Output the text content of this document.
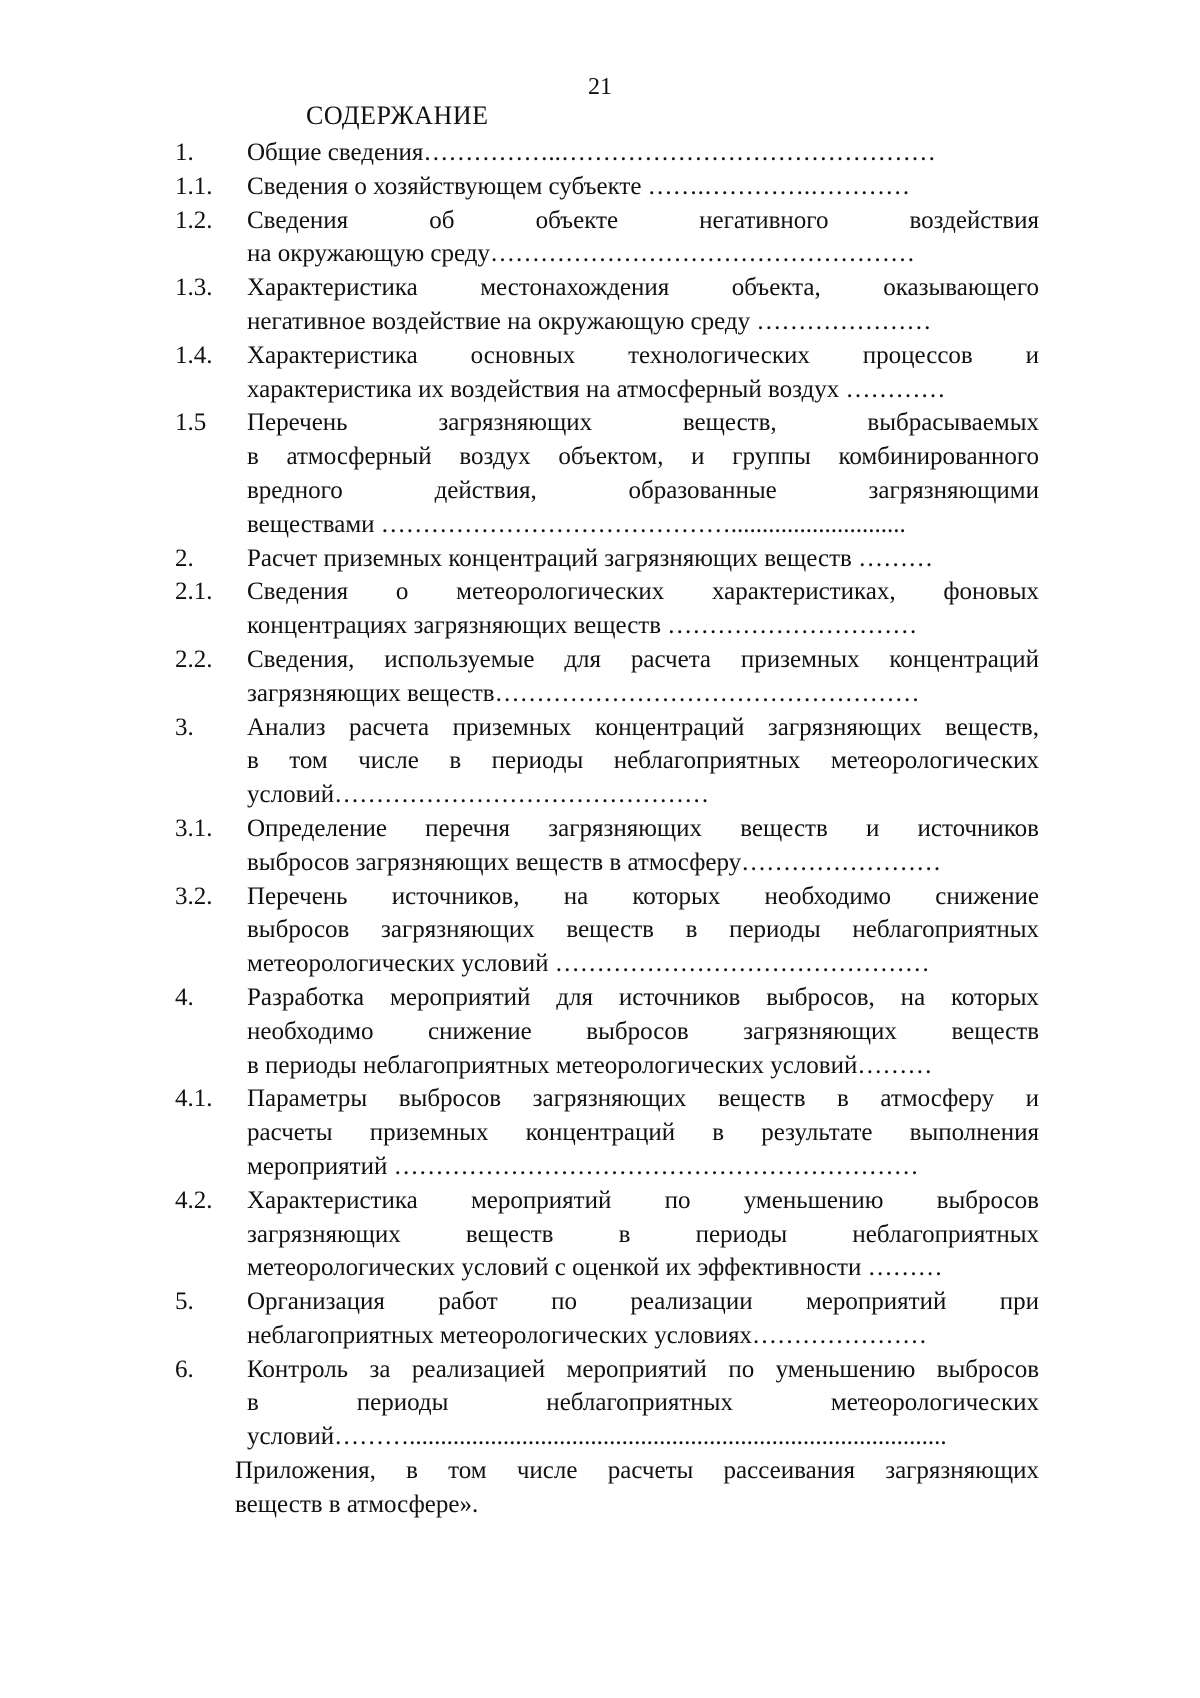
21
СОДЕРЖАНИЕ
1. Общие сведения……………..………………………………………
1.1. Сведения о хозяйствующем субъекте …….………….…………
1.2. Сведения об объекте негативного воздействия
на окружающую среду……………………………………………
1.3. Характеристика местонахождения объекта, оказывающего
негативное воздействие на окружающую среду …………………
1.4. Характеристика основных технологических процессов и
характеристика их воздействия на атмосферный воздух …………
1.5 Перечень загрязняющих веществ, выбрасываемых
в атмосферный воздух объектом, и группы комбинированного
вредного действия, образованные загрязняющими
веществами ……………………………………............................
2. Расчет приземных концентраций загрязняющих веществ ………
2.1. Сведения о метеорологических характеристиках, фоновых
концентрациях загрязняющих веществ …………………………
2.2. Сведения, используемые для расчета приземных концентраций
загрязняющих веществ……………………………………………
3. Анализ расчета приземных концентраций загрязняющих веществ,
в том числе в периоды неблагоприятных метеорологических
условий………………………………………
3.1. Определение перечня загрязняющих веществ и источников
выбросов загрязняющих веществ в атмосферу……………………
3.2. Перечень источников, на которых необходимо снижение
выбросов загрязняющих веществ в периоды неблагоприятных
метеорологических условий ………………………………………
4. Разработка мероприятий для источников выбросов, на которых
необходимо снижение выбросов загрязняющих веществ
в периоды неблагоприятных метеорологических условий………
4.1. Параметры выбросов загрязняющих веществ в атмосферу и
расчеты приземных концентраций в результате выполнения
мероприятий ………………………………………………………
4.2. Характеристика мероприятий по уменьшению выбросов
загрязняющих веществ в периоды неблагоприятных
метеорологических условий с оценкой их эффективности ………
5. Организация работ по реализации мероприятий при
неблагоприятных метеорологических условиях…………………
6. Контроль за реализацией мероприятий по уменьшению выбросов
в периоды неблагоприятных метеорологических
условий………......................................................................................
Приложения, в том числе расчеты рассеивания загрязняющих
веществ в атмосфере».
